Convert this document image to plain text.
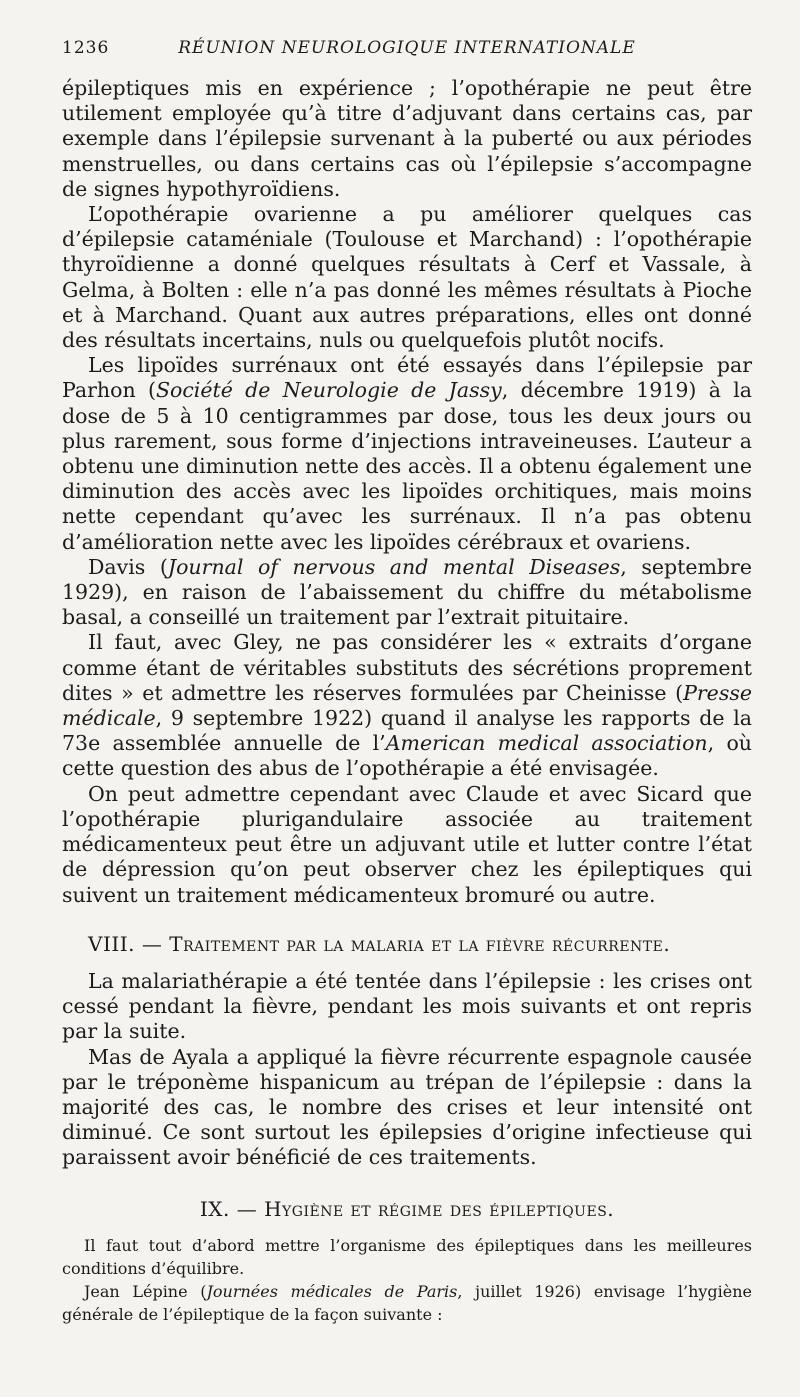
1236	RÉUNION NEUROLOGIQUE INTERNATIONALE

épileptiques mis en expérience ; l’opothérapie ne peut être utilement employée qu’à titre d’adjuvant dans certains cas, par exemple dans l’épilepsie survenant à la puberté ou aux périodes menstruelles, ou dans certains cas où l’épilepsie s’accompagne de signes hypothyroïdiens.

L’opothérapie ovarienne a pu améliorer quelques cas d’épilepsie cataméniale (Toulouse et Marchand) : l’opothérapie thyroïdienne a donné quelques résultats à Cerf et Vassale, à Gelma, à Bolten : elle n’a pas donné les mêmes résultats à Pioche et à Marchand. Quant aux autres préparations, elles ont donné des résultats incertains, nuls ou quelquefois plutôt nocifs.

Les lipoïdes surrénaux ont été essayés dans l’épilepsie par Parhon (Société de Neurologie de Jassy, décembre 1919) à la dose de 5 à 10 centigrammes par dose, tous les deux jours ou plus rarement, sous forme d’injections intraveineuses. L’auteur a obtenu une diminution nette des accès. Il a obtenu également une diminution des accès avec les lipoïdes orchitiques, mais moins nette cependant qu’avec les surrénaux. Il n’a pas obtenu d’amélioration nette avec les lipoïdes cérébraux et ovariens.

Davis (Journal of nervous and mental Diseases, septembre 1929), en raison de l’abaissement du chiffre du métabolisme basal, a conseillé un traitement par l’extrait pituitaire.

Il faut, avec Gley, ne pas considérer les « extraits d’organe comme étant de véritables substituts des sécrétions proprement dites » et admettre les réserves formulées par Cheinisse (Presse médicale, 9 septembre 1922) quand il analyse les rapports de la 73e assemblée annuelle de l’American medical association, où cette question des abus de l’opothérapie a été envisagée.

On peut admettre cependant avec Claude et avec Sicard que l’opothérapie plurigandulaire associée au traitement médicamenteux peut être un adjuvant utile et lutter contre l’état de dépression qu’on peut observer chez les épileptiques qui suivent un traitement médicamenteux bromuré ou autre.

VIII. — Traitement par la malaria et la fièvre récurrente.

La malariathérapie a été tentée dans l’épilepsie : les crises ont cessé pendant la fièvre, pendant les mois suivants et ont repris par la suite.

Mas de Ayala a appliqué la fièvre récurrente espagnole causée par le tréponème hispanicum au trépan de l’épilepsie : dans la majorité des cas, le nombre des crises et leur intensité ont diminué. Ce sont surtout les épilepsies d’origine infectieuse qui paraissent avoir bénéficié de ces traitements.

IX. — Hygiène et régime des épileptiques.

Il faut tout d’abord mettre l’organisme des épileptiques dans les meilleures conditions d’équilibre.

Jean Lépine (Journées médicales de Paris, juillet 1926) envisage l’hygiène générale de l’épileptique de la façon suivante :
